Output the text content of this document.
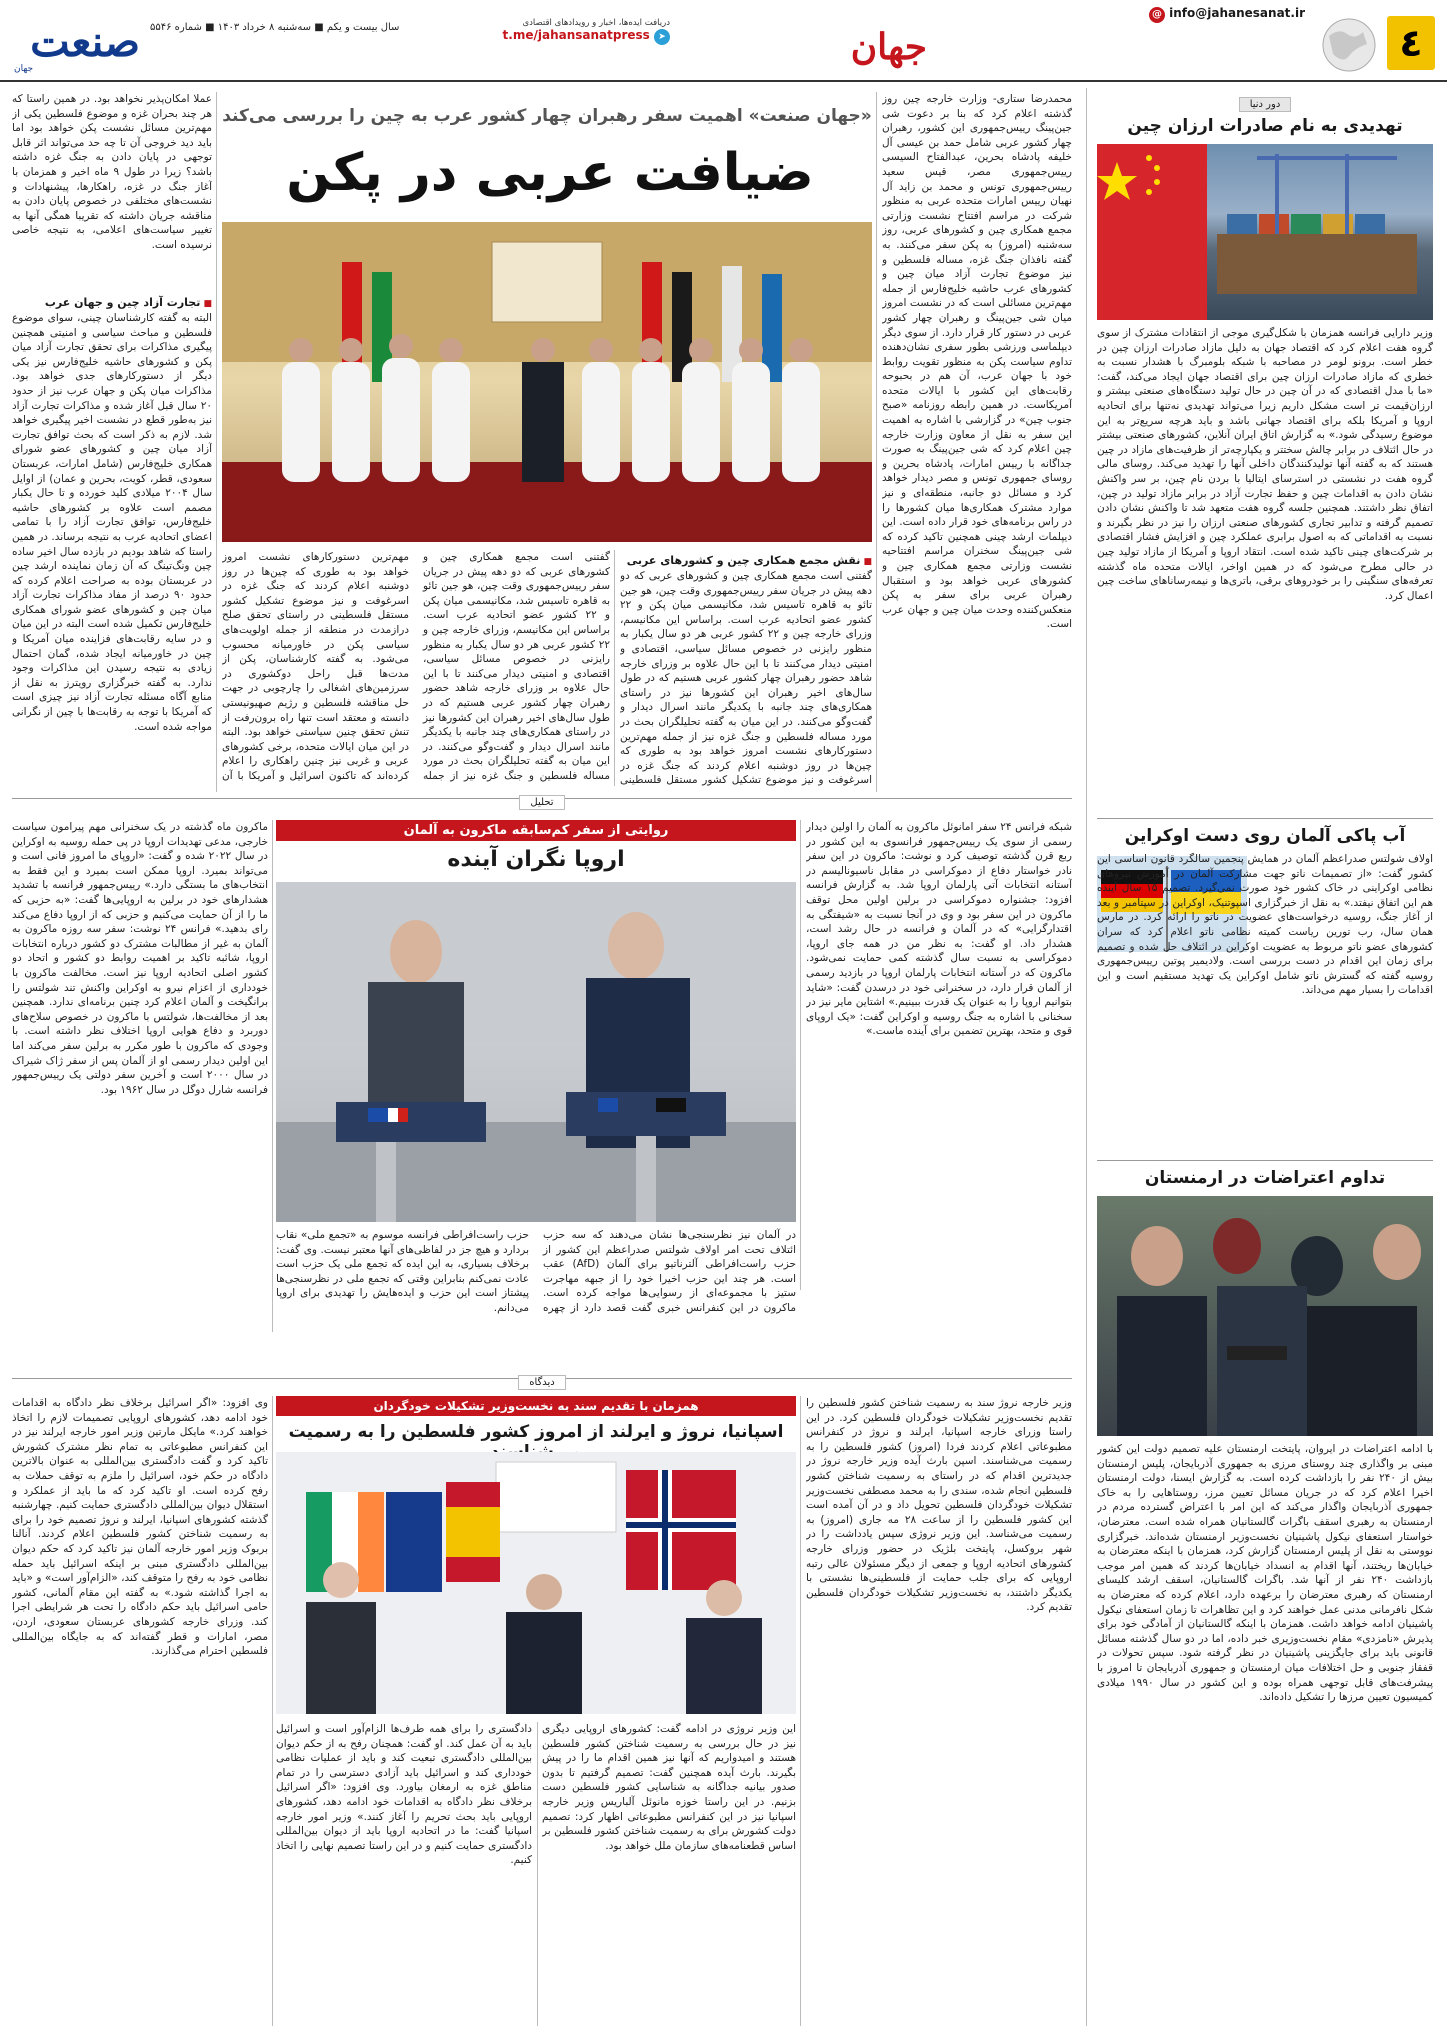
٤
@ info@jahanesanat.ir
جهان
دریافت ایده‌ها، اخبار و رویدادهای اقتصادی
t.me/jahansanatpress ➤
سال بیست و یکم ■ سه‌شنبه ۸ خرداد ۱۴۰۳ ■ شماره ۵۵۴۶
صنعت
جهان
دور دنیا
تهدیدی به نام صادرات ارزان چین
وزیر دارایی فرانسه همزمان با شکل‌گیری موجی از انتقادات مشترک از سوی گروه هفت اعلام کرد که اقتصاد جهان به دلیل مازاد صادرات ارزان چین در خطر است. برونو لومر در مصاحبه با شبکه بلومبرگ با هشدار نسبت به خطری که مازاد صادرات ارزان چین برای اقتصاد جهان ایجاد می‌کند، گفت: «ما با مدل اقتصادی که در آن چین در حال تولید دستگاه‌های صنعتی بیشتر و ارزان‌قیمت تر است مشکل داریم زیرا می‌تواند تهدیدی نه‌تنها برای اتحادیه اروپا و آمریکا بلکه برای اقتصاد جهانی باشد و باید هرچه سریع‌تر به این موضوع رسیدگی شود.» به گزارش اتاق ایران آنلاین، کشورهای صنعتی بیشتر در حال ائتلاف در برابر چالش سختتر و یکپارچه‌تر از ظرفیت‌های مازاد در چین هستند که به گفته آنها تولیدکنندگان داخلی آنها را تهدید می‌کند. روسای مالی گروه هفت در نشستی در استرسای ایتالیا با بردن نام چین، بر سر واکنش نشان دادن به اقدامات چین و حفظ تجارت آزاد در برابر مازاد تولید در چین، اتفاق نظر داشتند. همچنین جلسه گروه هفت متعهد شد تا واکنش نشان دادن تصمیم گرفته و تدابیر تجاری کشورهای صنعتی ارزان را نیز در نظر بگیرند و نسبت به اقداماتی که به اصول برابری عملکرد چین و افزایش فشار اقتصادی بر شرکت‌های چینی تاکید شده است. انتقاد اروپا و آمریکا از مازاد تولید چین در حالی مطرح می‌شود که در همین اواخر، ایالات متحده ماه گذشته تعرفه‌های سنگینی را بر خودروهای برقی، باتری‌ها و نیمه‌رساناهای ساخت چین اعمال کرد.
آب پاکی آلمان روی دست اوکراین
اولاف شولتس صدراعظم آلمان در همایش پنجمین سالگرد قانون اساسی این کشور گفت: «از تصمیمات ناتو جهت مشارکت آلمان در آموزش نیروهای نظامی اوکراینی در خاک کشور خود صورت نمی‌گیرد. تصمیم ۱۵ سال آینده هم این اتفاق نیفتد.» به نقل از خبرگزاری اسپوتنیک، اوکراین در سپتامبر و بعد از آغاز جنگ، روسیه درخواست‌های عضویت در ناتو را ارائه کرد. در مارس همان سال، رب تورین ریاست کمیته نظامی ناتو اعلام کرد که سران کشورهای عضو ناتو مربوط به عضویت اوکراین در ائتلاف حل شده و تصمیم برای زمان این اقدام در دست بررسی است. ولادیمیر پوتین رییس‌جمهوری روسیه گفته که گسترش ناتو شامل اوکراین یک تهدید مستقیم است و این اقدامات را بسیار مهم می‌داند.
تداوم اعتراضات در ارمنستان
با ادامه اعتراضات در ایروان، پایتخت ارمنستان علیه تصمیم دولت این کشور مبنی بر واگذاری چند روستای مرزی به جمهوری آذربایجان، پلیس ارمنستان بیش از ۲۴۰ نفر را بازداشت کرده است. به گزارش ایسنا، دولت ارمنستان اخیرا اعلام کرد که در جریان مسائل تعیین مرز، روستاهایی را به خاک جمهوری آذربایجان واگذار می‌کند که این امر با اعتراض گسترده مردم در ارمنستان به رهبری اسقف باگرات گالستانیان همراه شده است. معترضان، خواستار استعفای نیکول پاشینیان نخست‌وزیر ارمنستان شده‌اند. خبرگزاری نووستی به نقل از پلیس ارمنستان گزارش کرد، همزمان با اینکه معترضان به خیابان‌ها ریختند، آنها اقدام به انسداد خیابان‌ها کردند که همین امر موجب بازداشت ۲۴۰ نفر از آنها شد. باگرات گالستانیان، اسقف ارشد کلیسای ارمنستان که رهبری معترضان را برعهده دارد، اعلام کرده که معترضان به شکل نافرمانی مدنی عمل خواهند کرد و این تظاهرات تا زمان استعفای نیکول پاشینیان ادامه خواهد داشت. همزمان با اینکه گالستانیان از آمادگی خود برای پذیرش «نامزدی» مقام نخست‌وزیری خبر داده، اما در دو سال گذشته مسائل قانونی باید برای جایگزینی پاشینیان در نظر گرفته شود. سپس تحولات در قفقاز جنوبی و حل اختلافات میان ارمنستان و جمهوری آذربایجان تا امروز با پیشرفت‌های قابل توجهی همراه بوده و این کشور در سال ۱۹۹۰ میلادی کمیسیون تعیین مرزها را تشکیل داده‌اند.
«جهان صنعت» اهمیت سفر رهبران چهار کشور عرب به چین را بررسی می‌کند
ضیافت عربی در پکن
محمدرضا ستاری- وزارت خارجه چین روز گذشته اعلام کرد که بنا بر دعوت شی جین‌پینگ رییس‌جمهوری این کشور، رهبران چهار کشور عربی شامل حمد بن عیسی آل خلیفه پادشاه بحرین، عبدالفتاح السیسی رییس‌جمهوری مصر، قیس سعید رییس‌جمهوری تونس و محمد بن زاید آل نهیان رییس امارات متحده عربی به منظور شرکت در مراسم افتتاح نشست وزارتی مجمع همکاری چین و کشورهای عربی، روز سه‌شنبه (امروز) به پکن سفر می‌کنند. به گفته نافذان جنگ غزه، مساله فلسطین و نیز موضوع تجارت آزاد میان چین و کشورهای عرب حاشیه خلیج‌فارس از جمله مهم‌ترین مسائلی است که در نشست امروز میان شی جین‌پینگ و رهبران چهار کشور عربی در دستور کار قرار دارد. از سوی دیگر دیپلماسی ورزشی بطور سفری نشان‌دهنده تداوم سیاست پکن به منظور تقویت روابط خود با جهان عرب، آن هم در بحبوحه رقابت‌های این کشور با ایالات متحده آمریکاست. در همین رابطه روزنامه «صبح جنوب چین» در گزارشی با اشاره به اهمیت این سفر به نقل از معاون وزارت خارجه چین اعلام کرد که شی جین‌پینگ به صورت جداگانه با رییس امارات، پادشاه بحرین و روسای جمهوری تونس و مصر دیدار خواهد کرد و مسائل دو جانبه، منطقه‌ای و نیز موارد مشترک همکاری‌ها میان کشورها را در راس برنامه‌های خود قرار داده است. این دیپلمات ارشد چینی همچنین تاکید کرده که شی جین‌پینگ سخنران مراسم افتتاحیه نشست وزارتی مجمع همکاری چین و کشورهای عربی خواهد بود و استقبال رهبران عربی برای سفر به پکن منعکس‌کننده وحدت میان چین و جهان عرب است.
■ نقش مجمع همکاری چین و کشورهای عربی
گفتنی است مجمع همکاری چین و کشورهای عربی که دو دهه پیش در جریان سفر رییس‌جمهوری وقت چین، هو جین تائو به قاهره تاسیس شد، مکانیسمی میان پکن و ۲۲ کشور عضو اتحادیه عرب است. براساس این مکانیسم، وزرای خارجه چین و ۲۲ کشور عربی هر دو سال یکبار به منظور رایزنی در خصوص مسائل سیاسی، اقتصادی و امنیتی دیدار می‌کنند تا با این حال علاوه بر وزرای خارجه شاهد حضور رهبران چهار کشور عربی هستیم که در طول سال‌های اخیر رهبران این کشورها نیز در راستای همکاری‌های چند جانبه با یکدیگر مانند اسرال دیدار و گفت‌وگو می‌کنند. در این میان به گفته تحلیلگران بحث در مورد مساله فلسطین و جنگ غزه نیز از جمله مهم‌ترین دستورکارهای نشست امروز خواهد بود به طوری که چین‌ها در روز دوشنبه اعلام کردند که جنگ غزه در اسرغوفت و نیز موضوع تشکیل کشور مستقل فلسطینی
گفتنی است مجمع همکاری چین و کشورهای عربی که دو دهه پیش در جریان سفر رییس‌جمهوری وقت چین، هو جین تائو به قاهره تاسیس شد، مکانیسمی میان پکن و ۲۲ کشور عضو اتحادیه عرب است. براساس این مکانیسم، وزرای خارجه چین و ۲۲ کشور عربی هر دو سال یکبار به منظور رایزنی در خصوص مسائل سیاسی، اقتصادی و امنیتی دیدار می‌کنند تا با این حال علاوه بر وزرای خارجه شاهد حضور رهبران چهار کشور عربی هستیم که در طول سال‌های اخیر رهبران این کشورها نیز در راستای همکاری‌های چند جانبه با یکدیگر مانند اسرال دیدار و گفت‌وگو می‌کنند. در این میان به گفته تحلیلگران بحث در مورد مساله فلسطین و جنگ غزه نیز از جمله مهم‌ترین دستورکارهای نشست امروز خواهد بود به طوری که چین‌ها در روز دوشنبه اعلام کردند که جنگ غزه در اسرغوفت و نیز موضوع تشکیل کشور مستقل فلسطینی در راستای تحقق صلح درازمدت در منطقه از جمله اولویت‌های سیاسی پکن در خاورمیانه محسوب می‌شود. به گفته کارشناسان، پکن از مدت‌ها قبل راحل دوکشوری در سرزمین‌های اشغالی را چارچوبی در جهت حل مناقشه فلسطین و رژیم صهیونیستی دانسته و معتقد است تنها راه برون‌رفت از تنش تحقق چنین سیاستی خواهد بود. البته در این میان ایالات متحده، برخی کشورهای عربی و غربی نیز چنین راهکاری را اعلام کرده‌اند که تاکنون اسرائیل و آمریکا با آن
عملا امکان‌پذیر نخواهد بود. در همین راستا که هر چند بحران غزه و موضوع فلسطین یکی از مهم‌ترین مسائل نشست پکن خواهد بود اما باید دید خروجی آن تا چه حد می‌تواند اثر قابل توجهی در پایان دادن به جنگ غزه داشته باشد؟ زیرا در طول ۹ ماه اخیر و همزمان با آغاز جنگ در غزه، راهکارها، پیشنهادات و نشست‌های مختلفی در خصوص پایان دادن به مناقشه جریان داشته که تقریبا همگی آنها به تغییر سیاست‌های اعلامی، به نتیجه خاصی نرسیده است.
■ تجارت آزاد چین و جهان عرب
البته به گفته کارشناسان چینی، سوای موضوع فلسطین و مباحث سیاسی و امنیتی همچنین پیگیری مذاکرات برای تحقق تجارت آزاد میان پکن و کشورهای حاشیه خلیج‌فارس نیز یکی دیگر از دستورکارهای جدی خواهد بود. مذاکرات میان پکن و جهان عرب نیز از حدود ۲۰ سال قبل آغاز شده و مذاکرات تجارت آزاد نیز به‌طور قطع در نشست اخیر پیگیری خواهد شد. لازم به ذکر است که بحث توافق تجارت آزاد میان چین و کشورهای عضو شورای همکاری خلیج‌فارس (شامل امارات، عربستان سعودی، قطر، کویت، بحرین و عمان) از اوایل سال ۲۰۰۴ میلادی کلید خورده و تا حال یکبار مصمم است علاوه بر کشورهای حاشیه خلیج‌فارس، توافق تجارت آزاد را با تمامی اعضای اتحادیه عرب به نتیجه برساند. در همین راستا که شاهد بودیم در بازده سال اخیر ساده چین ونگ‌تینگ که آن زمان نماینده ارشد چین در عربستان بوده به صراحت اعلام کرده که حدود ۹۰ درصد از مفاد مذاکرات تجارت آزاد میان چین و کشورهای عضو شورای همکاری خلیج‌فارس تکمیل شده است البته در این میان و در سایه رقابت‌های فزاینده میان آمریکا و چین در خاورمیانه ایجاد شده، گمان احتمال زیادی به نتیجه رسیدن این مذاکرات وجود ندارد. به گفته خبرگزاری رویترز به نقل از منابع آگاه مسئله تجارت آزاد نیز چیزی است که آمریکا با توجه به رقابت‌ها با چین از نگرانی مواجه شده است.
تحلیل
روایتی از سفر کم‌سابقه ماکرون به آلمان
اروپا نگران آینده
شبکه فرانس ۲۴ سفر امانوئل ماکرون به آلمان را اولین دیدار رسمی از سوی یک رییس‌جمهور فرانسوی به این کشور در ربع قرن گذشته توصیف کرد و نوشت: ماکرون در این سفر نادر خواستار دفاع از دموکراسی در مقابل ناسیونالیسم در آستانه انتخابات آتی پارلمان اروپا شد. به گزارش فرانسه افزود: جشنواره دموکراسی در برلین اولین محل توقف ماکرون در این سفر بود و وی در آنجا نسبت به «شیفتگی به اقتدارگرایی» که در آلمان و فرانسه در حال رشد است، هشدار داد. او گفت: به نظر من در همه جای اروپا، دموکراسی به نسبت سال گذشته کمی حمایت نمی‌شود. ماکرون که در آستانه انتخابات پارلمان اروپا در بازدید رسمی از آلمان قرار دارد، در سخنرانی خود در درسدن گفت: «شاید بتوانیم اروپا را به عنوان یک قدرت ببینیم.» اشتاین مایر نیز در سخنانی با اشاره به جنگ روسیه و اوکراین گفت: «یک اروپای قوی و متحد، بهترین تضمین برای آینده ماست.»
در آلمان نیز نظرسنجی‌ها نشان می‌دهند که سه حزب ائتلاف تحت امر اولاف شولتس صدراعظم این کشور از حزب راست‌افراطی آلترناتیو برای آلمان (AfD) عقب است. هر چند این حزب اخیرا خود را از جبهه مهاجرت ستیز با مجموعه‌ای از رسوایی‌ها مواجه کرده است. ماکرون در این کنفرانس خبری گفت قصد دارد از چهره حزب راست‌افراطی فرانسه موسوم به «تجمع ملی» نقاب بردارد و هیچ جز در لفاظی‌های آنها معتبر نیست. وی گفت: برخلاف بسیاری، به این ایده که تجمع ملی یک حزب است عادت نمی‌کنم بنابراین وقتی که تجمع ملی در نظرسنجی‌ها پیشتاز است این حزب و ایده‌هایش را تهدیدی برای اروپا می‌دانم.
ماکرون ماه گذشته در یک سخنرانی مهم پیرامون سیاست خارجی، مدعی تهدیدات اروپا در پی حمله روسیه به اوکراین در سال ۲۰۲۲ شده و گفت: «اروپای ما امروز فانی است و می‌تواند بمیرد. اروپا ممکن است بمیرد و این فقط به انتخاب‌های ما بستگی دارد.» رییس‌جمهور فرانسه با تشدید هشدارهای خود در برلین به اروپایی‌ها گفت: «به حزبی که ما را از آن حمایت می‌کنیم و حزبی که از اروپا دفاع می‌کند رای بدهید.» فرانس ۲۴ نوشت: سفر سه روزه ماکرون به آلمان به غیر از مطالبات مشترک دو کشور درباره انتخابات اروپا، شائبه تاکید بر اهمیت روابط دو کشور و اتحاد دو کشور اصلی اتحادیه اروپا نیز است. مخالفت ماکرون با خودداری از اعزام نیرو به اوکراین واکنش تند شولتس را برانگیخت و آلمان اعلام کرد چنین برنامه‌ای ندارد. همچنین بعد از مخالفت‌ها، شولتس با ماکرون در خصوص سلاح‌های دوربرد و دفاع هوایی اروپا اختلاف نظر داشته است. با وجودی که ماکرون با طور مکرر به برلین سفر می‌کند اما این اولین دیدار رسمی او از آلمان پس از سفر ژاک شیراک در سال ۲۰۰۰ است و آخرین سفر دولتی یک رییس‌جمهور فرانسه شارل دوگل در سال ۱۹۶۲ بود.
دیدگاه
همزمان با تقدیم سند به نخست‌وزیر تشکیلات خودگردان
اسپانیا، نروژ و ایرلند از امروز کشور فلسطین را به رسمیت
وزیر خارجه نروژ سند به رسمیت شناختن کشور فلسطین را تقدیم نخست‌وزیر تشکیلات خودگردان فلسطین کرد. در این راستا وزرای خارجه اسپانیا، ایرلند و نروژ در کنفرانس مطبوعاتی اعلام کردند فردا (امروز) کشور فلسطین را به رسمیت می‌شناسند. اسپن بارث آیده وزیر خارجه نروژ در جدیدترین اقدام که در راستای به رسمیت شناختن کشور فلسطین انجام شده، سندی را به محمد مصطفی نخست‌وزیر تشکیلات خودگردان فلسطین تحویل داد و در آن آمده است این کشور فلسطین را از ساعت ۲۸ مه جاری (امروز) به رسمیت می‌شناسد. این وزیر نروژی سپس یادداشت را در شهر بروکسل، پایتخت بلژیک در حضور وزرای خارجه کشورهای اتحادیه اروپا و جمعی از دیگر مسئولان عالی رتبه اروپایی که برای جلب حمایت از فلسطینی‌ها نشستی با یکدیگر داشتند، به نخست‌وزیر تشکیلات خودگردان فلسطین تقدیم کرد.
این وزیر نروژی در ادامه گفت: کشورهای اروپایی دیگری نیز در حال بررسی به رسمیت شناختن کشور فلسطین هستند و امیدواریم که آنها نیز همین اقدام ما را در پیش بگیرند. بارث آیده همچنین گفت: تصمیم گرفتیم تا بدون صدور بیانیه جداگانه به شناسایی کشور فلسطین دست بزنیم. در این راستا خوزه مانوئل آلباریس وزیر خارجه اسپانیا نیز در این کنفرانس مطبوعاتی اظهار کرد: تصمیم دولت کشورش برای به رسمیت شناختن کشور فلسطین بر اساس قطعنامه‌های سازمان ملل خواهد بود.
دادگستری را برای همه طرف‌ها الزام‌آور است و اسرائیل باید به آن عمل کند. او گفت: همچنان رفح به از حکم دیوان بین‌المللی دادگستری تبعیت کند و باید از عملیات نظامی خودداری کند و اسرائیل باید آزادی دسترسی را در تمام مناطق غزه به ارمغان بیاورد. وی افزود: «اگر اسرائیل برخلاف نظر دادگاه به اقدامات خود ادامه دهد، کشورهای اروپایی باید بحث تحریم را آغاز کنند.» وزیر امور خارجه اسپانیا گفت: ما در اتحادیه اروپا باید از دیوان بین‌المللی دادگستری حمایت کنیم و در این راستا تصمیم نهایی را اتخاذ کنیم.
وی افزود: «اگر اسرائیل برخلاف نظر دادگاه به اقدامات خود ادامه دهد، کشورهای اروپایی تصمیمات لازم را اتخاذ خواهند کرد.» مایکل مارتین وزیر امور خارجه ایرلند نیز در این کنفرانس مطبوعاتی به تمام نظر مشترک کشورش تاکید کرد و گفت دادگستری بین‌المللی به عنوان بالاترین دادگاه در حکم خود، اسرائیل را ملزم به توقف حملات به رفح کرده است. او تاکید کرد که ما باید از عملکرد و استقلال دیوان بین‌المللی دادگستری حمایت کنیم. چهارشنبه گذشته کشورهای اسپانیا، ایرلند و نروژ تصمیم خود را برای به رسمیت شناختن کشور فلسطین اعلام کردند. آنالنا بربوک وزیر امور خارجه آلمان نیز تاکید کرد که حکم دیوان بین‌المللی دادگستری مبنی بر اینکه اسرائیل باید حمله نظامی خود به رفح را متوقف کند، «الزام‌آور است» و «باید به اجرا گذاشته شود.» به گفته این مقام آلمانی، کشور حامی اسرائیل باید حکم دادگاه را تحت هر شرایطی اجرا کند. وزرای خارجه کشورهای عربستان سعودی، اردن، مصر، امارات و قطر گفته‌اند که به جایگاه بین‌المللی فلسطین احترام می‌گذارند.
